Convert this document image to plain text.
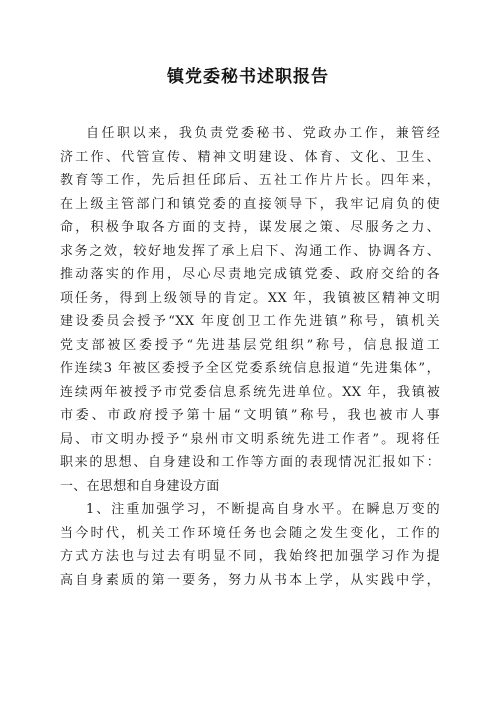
镇党委秘书述职报告
自任职以来，我负责党委秘书、党政办工作，兼管经
济工作、代管宣传、精神文明建设、体育、文化、卫生、
教育等工作，先后担任邱后、五社工作片片长。四年来，
在上级主管部门和镇党委的直接领导下，我牢记肩负的使
命，积极争取各方面的支持，谋发展之策、尽服务之力、
求务之效，较好地发挥了承上启下、沟通工作、协调各方、
推动落实的作用，尽心尽责地完成镇党委、政府交给的各
项任务，得到上级领导的肯定。XX 年，我镇被区精神文明
建设委员会授予“XX 年度创卫工作先进镇”称号，镇机关
党支部被区委授予“先进基层党组织”称号，信息报道工
作连续3 年被区委授予全区党委系统信息报道“先进集体”，
连续两年被授予市党委信息系统先进单位。XX 年，我镇被
市委、市政府授予第十届“文明镇”称号，我也被市人事
局、市文明办授予“泉州市文明系统先进工作者”。现将任
职来的思想、自身建设和工作等方面的表现情况汇报如下：
一、在思想和自身建设方面
1、注重加强学习，不断提高自身水平。在瞬息万变的
当今时代，机关工作环境任务也会随之发生变化，工作的
方式方法也与过去有明显不同，我始终把加强学习作为提
高自身素质的第一要务，努力从书本上学，从实践中学，
